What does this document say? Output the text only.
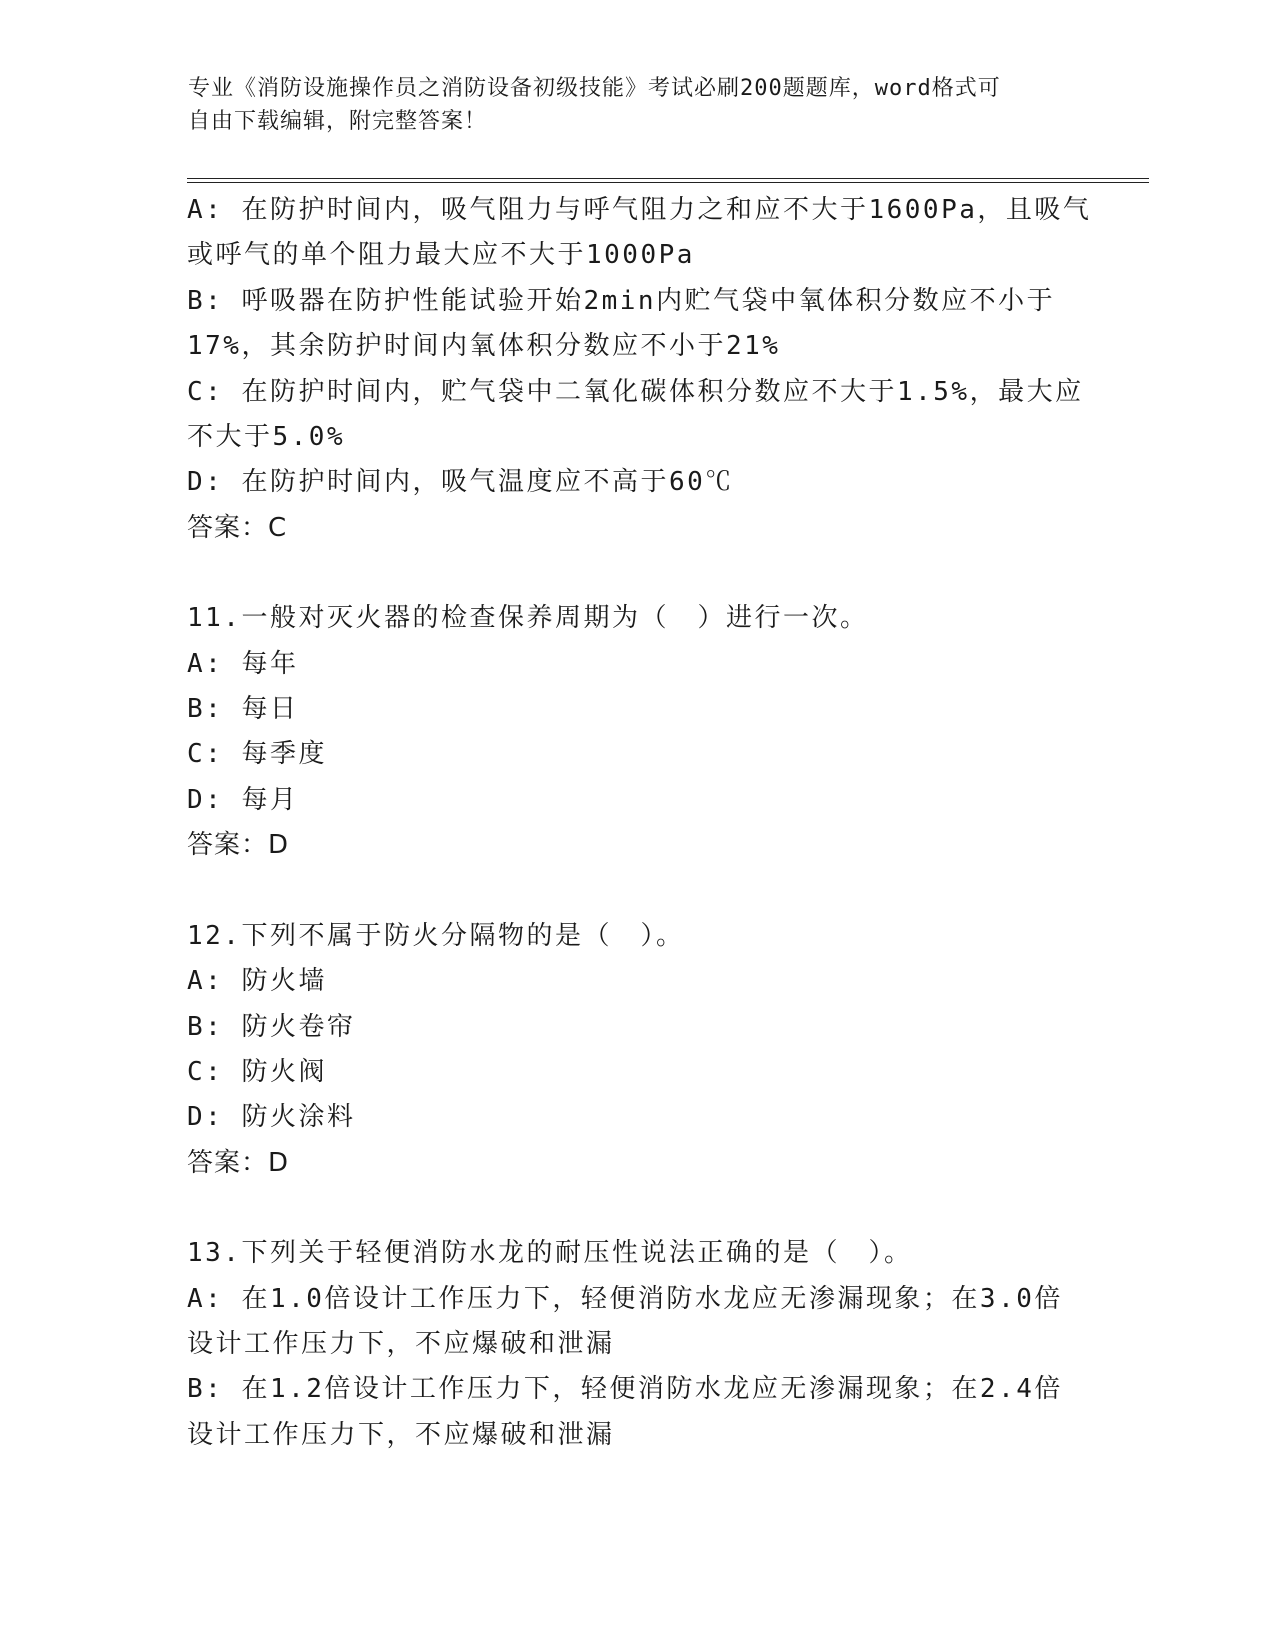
专业《消防设施操作员之消防设备初级技能》考试必刷200题题库，word格式可
自由下载编辑，附完整答案！
A: 在防护时间内，吸气阻力与呼气阻力之和应不大于1600Pa，且吸气
或呼气的单个阻力最大应不大于1000Pa
B: 呼吸器在防护性能试验开始2min内贮气袋中氧体积分数应不小于
17%，其余防护时间内氧体积分数应不小于21%
C: 在防护时间内，贮气袋中二氧化碳体积分数应不大于1.5%，最大应
不大于5.0%
D: 在防护时间内，吸气温度应不高于60℃
答案：C
11.一般对灭火器的检查保养周期为（　）进行一次。
A: 每年
B: 每日
C: 每季度
D: 每月
答案：D
12.下列不属于防火分隔物的是（　）。
A: 防火墙
B: 防火卷帘
C: 防火阀
D: 防火涂料
答案：D
13.下列关于轻便消防水龙的耐压性说法正确的是（　）。
A: 在1.0倍设计工作压力下，轻便消防水龙应无渗漏现象；在3.0倍
设计工作压力下，不应爆破和泄漏
B: 在1.2倍设计工作压力下，轻便消防水龙应无渗漏现象；在2.4倍
设计工作压力下，不应爆破和泄漏
